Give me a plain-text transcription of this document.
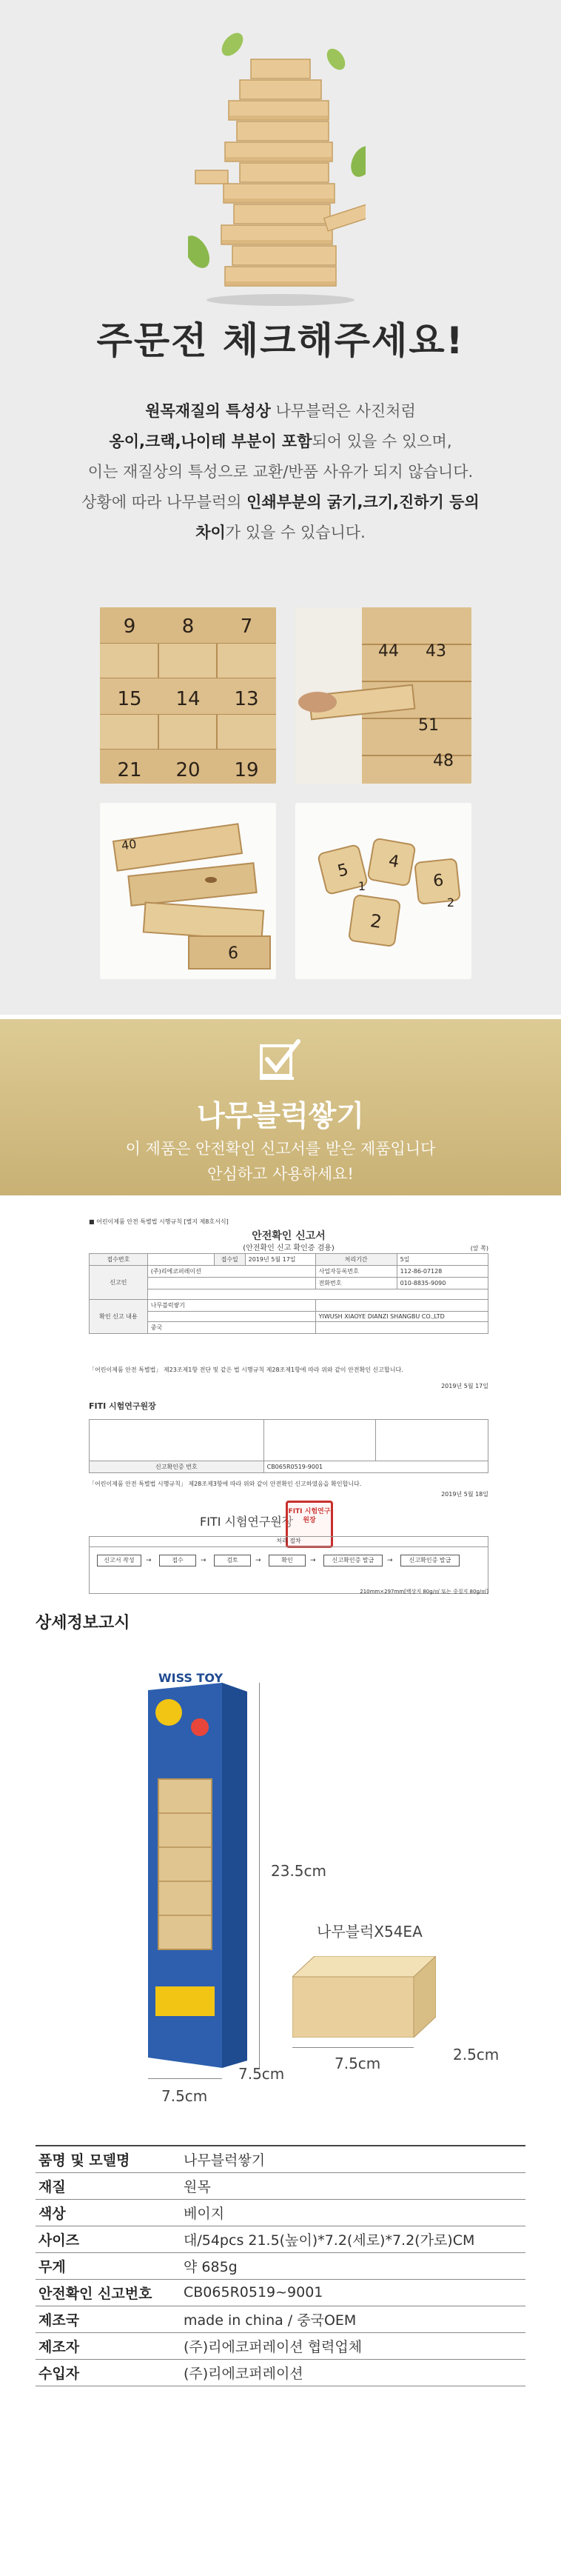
주문전 체크해주세요!
원목재질의 특성상 나무블럭은 사진처럼
옹이,크랙,나이테 부분이 포함되어 있을 수 있으며,
이는 재질상의 특성으로 교환/반품 사유가 되지 않습니다.
상황에 따라 나무블럭의 인쇄부분의 굵기,크기,진하기 등의
차이가 있을 수 있습니다.
9 8 7
15 14 13
21 20 19
44 43
51
48
40
6
5 4
6
2
1
2
나무블럭쌓기
이 제품은 안전확인 신고서를 받은 제품입니다
안심하고 사용하세요!
■ 어린이제품 안전 특별법 시행규칙 [별지 제8호서식]
안전확인 신고서
(안전확인 신고 확인증 겸용)	(앞 쪽)
접수번호		접수일	2019년 5월 17일	처리기간	5일
신고인	(주)리에코퍼레이션			사업자등록번호	112-86-07128
				전화번호	010-8835-9090

확인 신고 내용	나무블럭쌓기				
				YIWUSH XIAOYE DIANZI SHANGBU CO.,LTD	
	중국				
「어린이제품 안전 특별법」 제23조제1항 전단 및 같은 법 시행규칙 제28조제1항에 따라 위와 같이 안전확인 신고합니다.
2019년 5월 17일
FITI 시험연구원장

신고확인증 번호	CB065R0519-9001	
「어린이제품 안전 특별법 시행규칙」 제28조제3항에 따라 위와 같이 안전확인 신고하였음을 확인합니다.
2019년 5월 18일
FITI 시험연구원장
FITI 시험연구원장
처리 절차
신고서 작성	→	접수	→	검토	→	확인	→	신고확인증 발급	→	신고확인증 발급
210mm×297mm[백상지 80g/㎡ 또는 중질지 80g/㎡]
상세정보고시
WISS TOY
23.5cm
7.5cm
7.5cm
나무블럭X54EA
7.5cm	2.5cm
품명 및 모델명	나무블럭쌓기
재질	원목
색상	베이지
사이즈	대/54pcs 21.5(높이)*7.2(세로)*7.2(가로)CM
무게	약 685g
안전확인 신고번호	CB065R0519~9001
제조국	made in china / 중국OEM
제조자	(주)리에코퍼레이션 협력업체
수입자	(주)리에코퍼레이션
